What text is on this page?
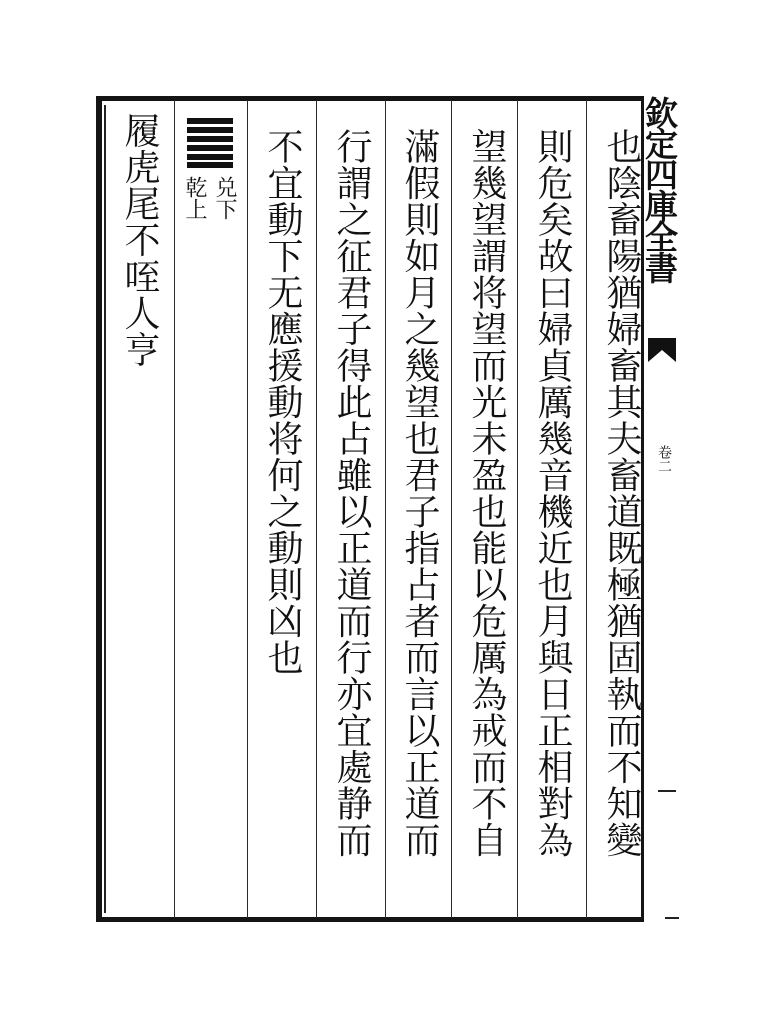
欽定四庫全書
卷二
也陰畜陽猶婦畜其夫畜道既極猶固執而不知變
則危矣故曰婦貞厲幾音機近也月與日正相對為
望幾望謂将望而光未盈也能以危厲為戒而不自
滿假則如月之幾望也君子指占者而言以正道而
行謂之征君子得此占雖以正道而行亦宜處静而
不宜動下无應援動将何之動則凶也
兑下
乾上
履虎尾不咥人亨
